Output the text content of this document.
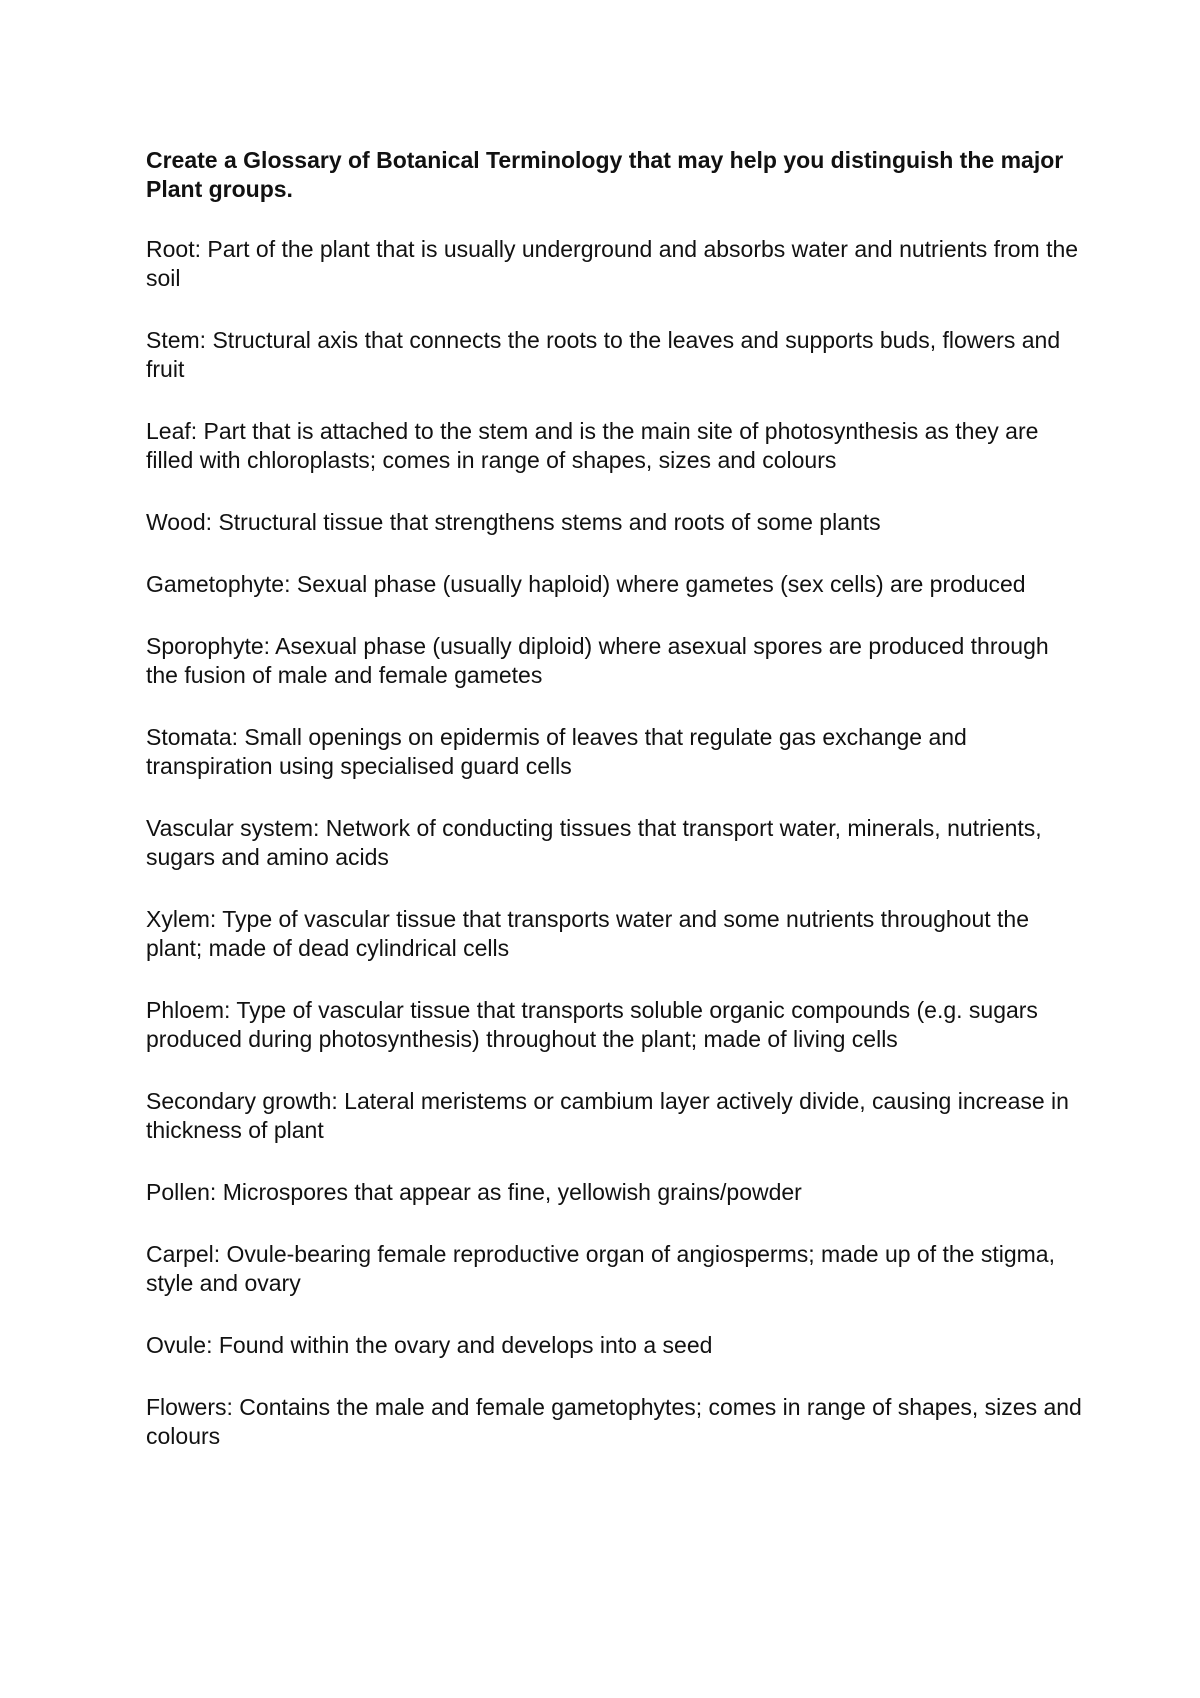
Create a Glossary of Botanical Terminology that may help you distinguish the major Plant groups.

Root: Part of the plant that is usually underground and absorbs water and nutrients from the soil

Stem: Structural axis that connects the roots to the leaves and supports buds, flowers and fruit

Leaf: Part that is attached to the stem and is the main site of photosynthesis as they are filled with chloroplasts; comes in range of shapes, sizes and colours

Wood: Structural tissue that strengthens stems and roots of some plants

Gametophyte: Sexual phase (usually haploid) where gametes (sex cells) are produced

Sporophyte: Asexual phase (usually diploid) where asexual spores are produced through the fusion of male and female gametes

Stomata: Small openings on epidermis of leaves that regulate gas exchange and transpiration using specialised guard cells

Vascular system: Network of conducting tissues that transport water, minerals, nutrients, sugars and amino acids

Xylem: Type of vascular tissue that transports water and some nutrients throughout the plant; made of dead cylindrical cells

Phloem: Type of vascular tissue that transports soluble organic compounds (e.g. sugars produced during photosynthesis) throughout the plant; made of living cells

Secondary growth: Lateral meristems or cambium layer actively divide, causing increase in thickness of plant

Pollen: Microspores that appear as fine, yellowish grains/powder

Carpel: Ovule-bearing female reproductive organ of angiosperms; made up of the stigma, style and ovary

Ovule: Found within the ovary and develops into a seed

Flowers: Contains the male and female gametophytes; comes in range of shapes, sizes and colours
